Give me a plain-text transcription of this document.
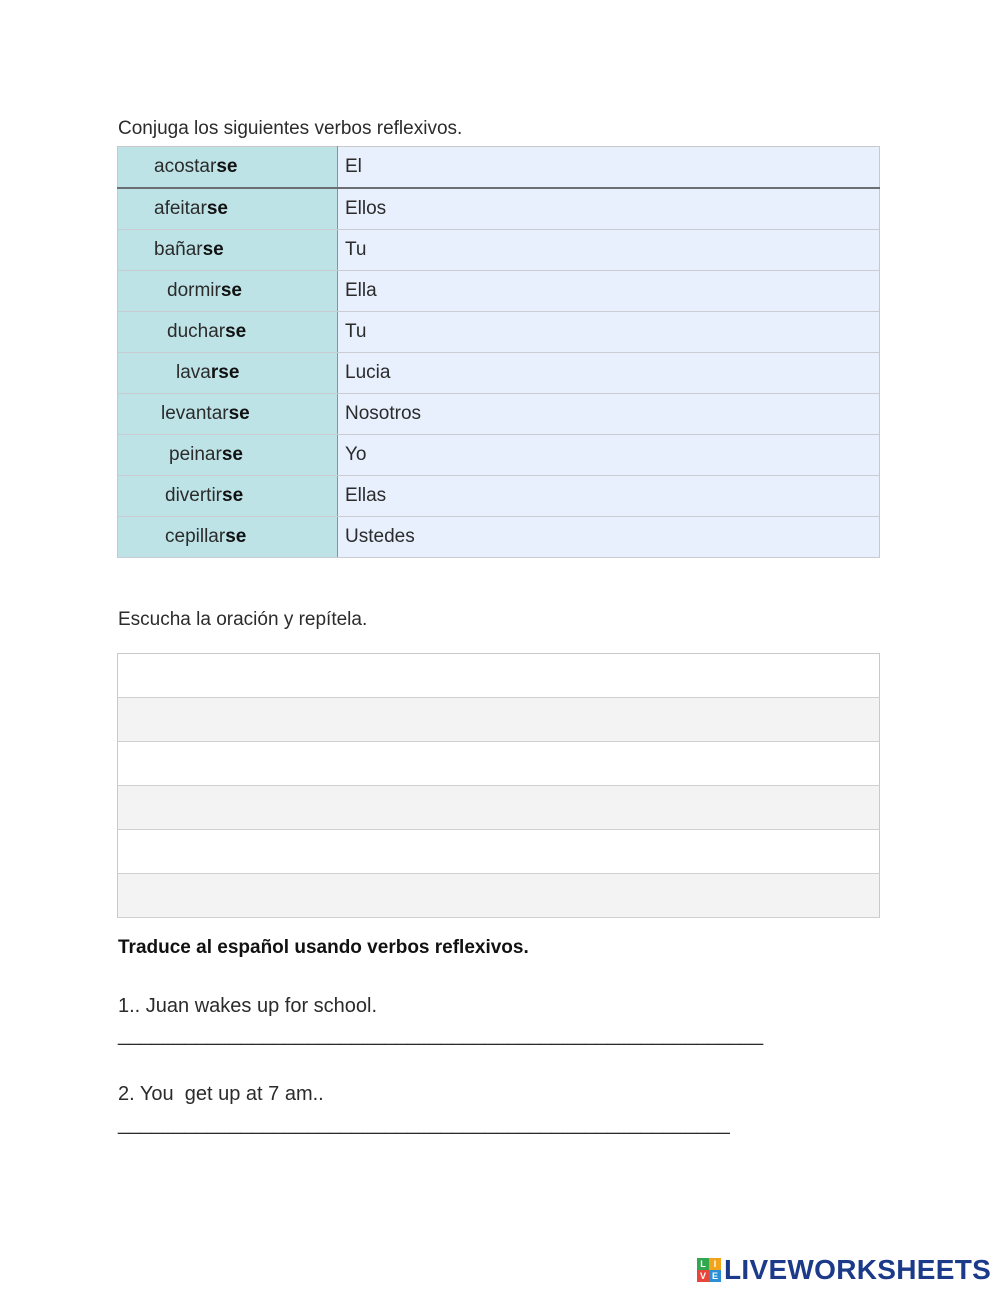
Conjuga los siguientes verbos reflexivos.
acostarse	El
afeitarse	Ellos
bañarse	Tu
dormirse	Ella
ducharse	Tu
lavarse	Lucia
levantarse	Nosotros
peinarse	Yo
divertirse	Ellas
cepillarse	Ustedes
Escucha la oración y repítela.

Traduce al español usando verbos reflexivos.
1.. Juan wakes up for school.
__________________________________________________________
2. You  get up at 7 am..
_______________________________________________________
L I
V E LIVEWORKSHEETS
